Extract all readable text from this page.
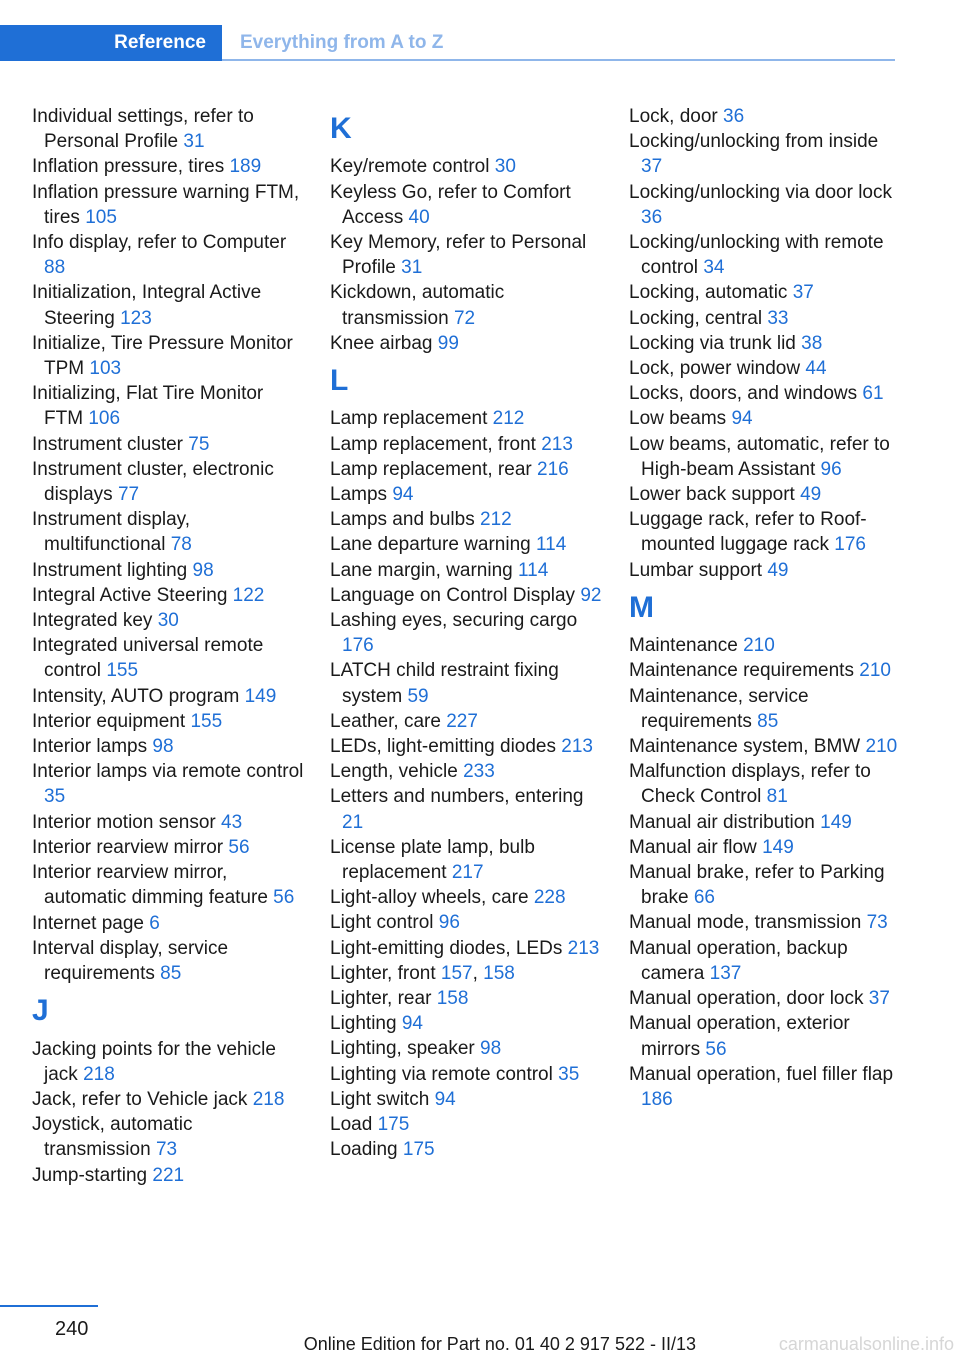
Reference	Everything from A to Z
Individual settings, refer to Personal Profile 31
Inflation pressure, tires 189
Inflation pressure warning FTM, tires 105
Info display, refer to Computer 88
Initialization, Integral Active Steering 123
Initialize, Tire Pressure Monitor TPM 103
Initializing, Flat Tire Monitor FTM 106
Instrument cluster 75
Instrument cluster, electronic displays 77
Instrument display, multifunctional 78
Instrument lighting 98
Integral Active Steering 122
Integrated key 30
Integrated universal remote control 155
Intensity, AUTO program 149
Interior equipment 155
Interior lamps 98
Interior lamps via remote control 35
Interior motion sensor 43
Interior rearview mirror 56
Interior rearview mirror, automatic dimming feature 56
Internet page 6
Interval display, service requirements 85
J
Jacking points for the vehicle jack 218
Jack, refer to Vehicle jack 218
Joystick, automatic transmission 73
Jump-starting 221
K
Key/remote control 30
Keyless Go, refer to Comfort Access 40
Key Memory, refer to Personal Profile 31
Kickdown, automatic transmission 72
Knee airbag 99
L
Lamp replacement 212
Lamp replacement, front 213
Lamp replacement, rear 216
Lamps 94
Lamps and bulbs 212
Lane departure warning 114
Lane margin, warning 114
Language on Control Display 92
Lashing eyes, securing cargo 176
LATCH child restraint fixing system 59
Leather, care 227
LEDs, light-emitting diodes 213
Length, vehicle 233
Letters and numbers, entering 21
License plate lamp, bulb replacement 217
Light-alloy wheels, care 228
Light control 96
Light-emitting diodes, LEDs 213
Lighter, front 157, 158
Lighter, rear 158
Lighting 94
Lighting, speaker 98
Lighting via remote control 35
Light switch 94
Load 175
Loading 175
Lock, door 36
Locking/unlocking from inside 37
Locking/unlocking via door lock 36
Locking/unlocking with remote control 34
Locking, automatic 37
Locking, central 33
Locking via trunk lid 38
Lock, power window 44
Locks, doors, and windows 61
Low beams 94
Low beams, automatic, refer to High-beam Assistant 96
Lower back support 49
Luggage rack, refer to Roof-mounted luggage rack 176
Lumbar support 49
M
Maintenance 210
Maintenance requirements 210
Maintenance, service requirements 85
Maintenance system, BMW 210
Malfunction displays, refer to Check Control 81
Manual air distribution 149
Manual air flow 149
Manual brake, refer to Parking brake 66
Manual mode, transmission 73
Manual operation, backup camera 137
Manual operation, door lock 37
Manual operation, exterior mirrors 56
Manual operation, fuel filler flap 186
240
Online Edition for Part no. 01 40 2 917 522 - II/13	carmanualsonline.info
